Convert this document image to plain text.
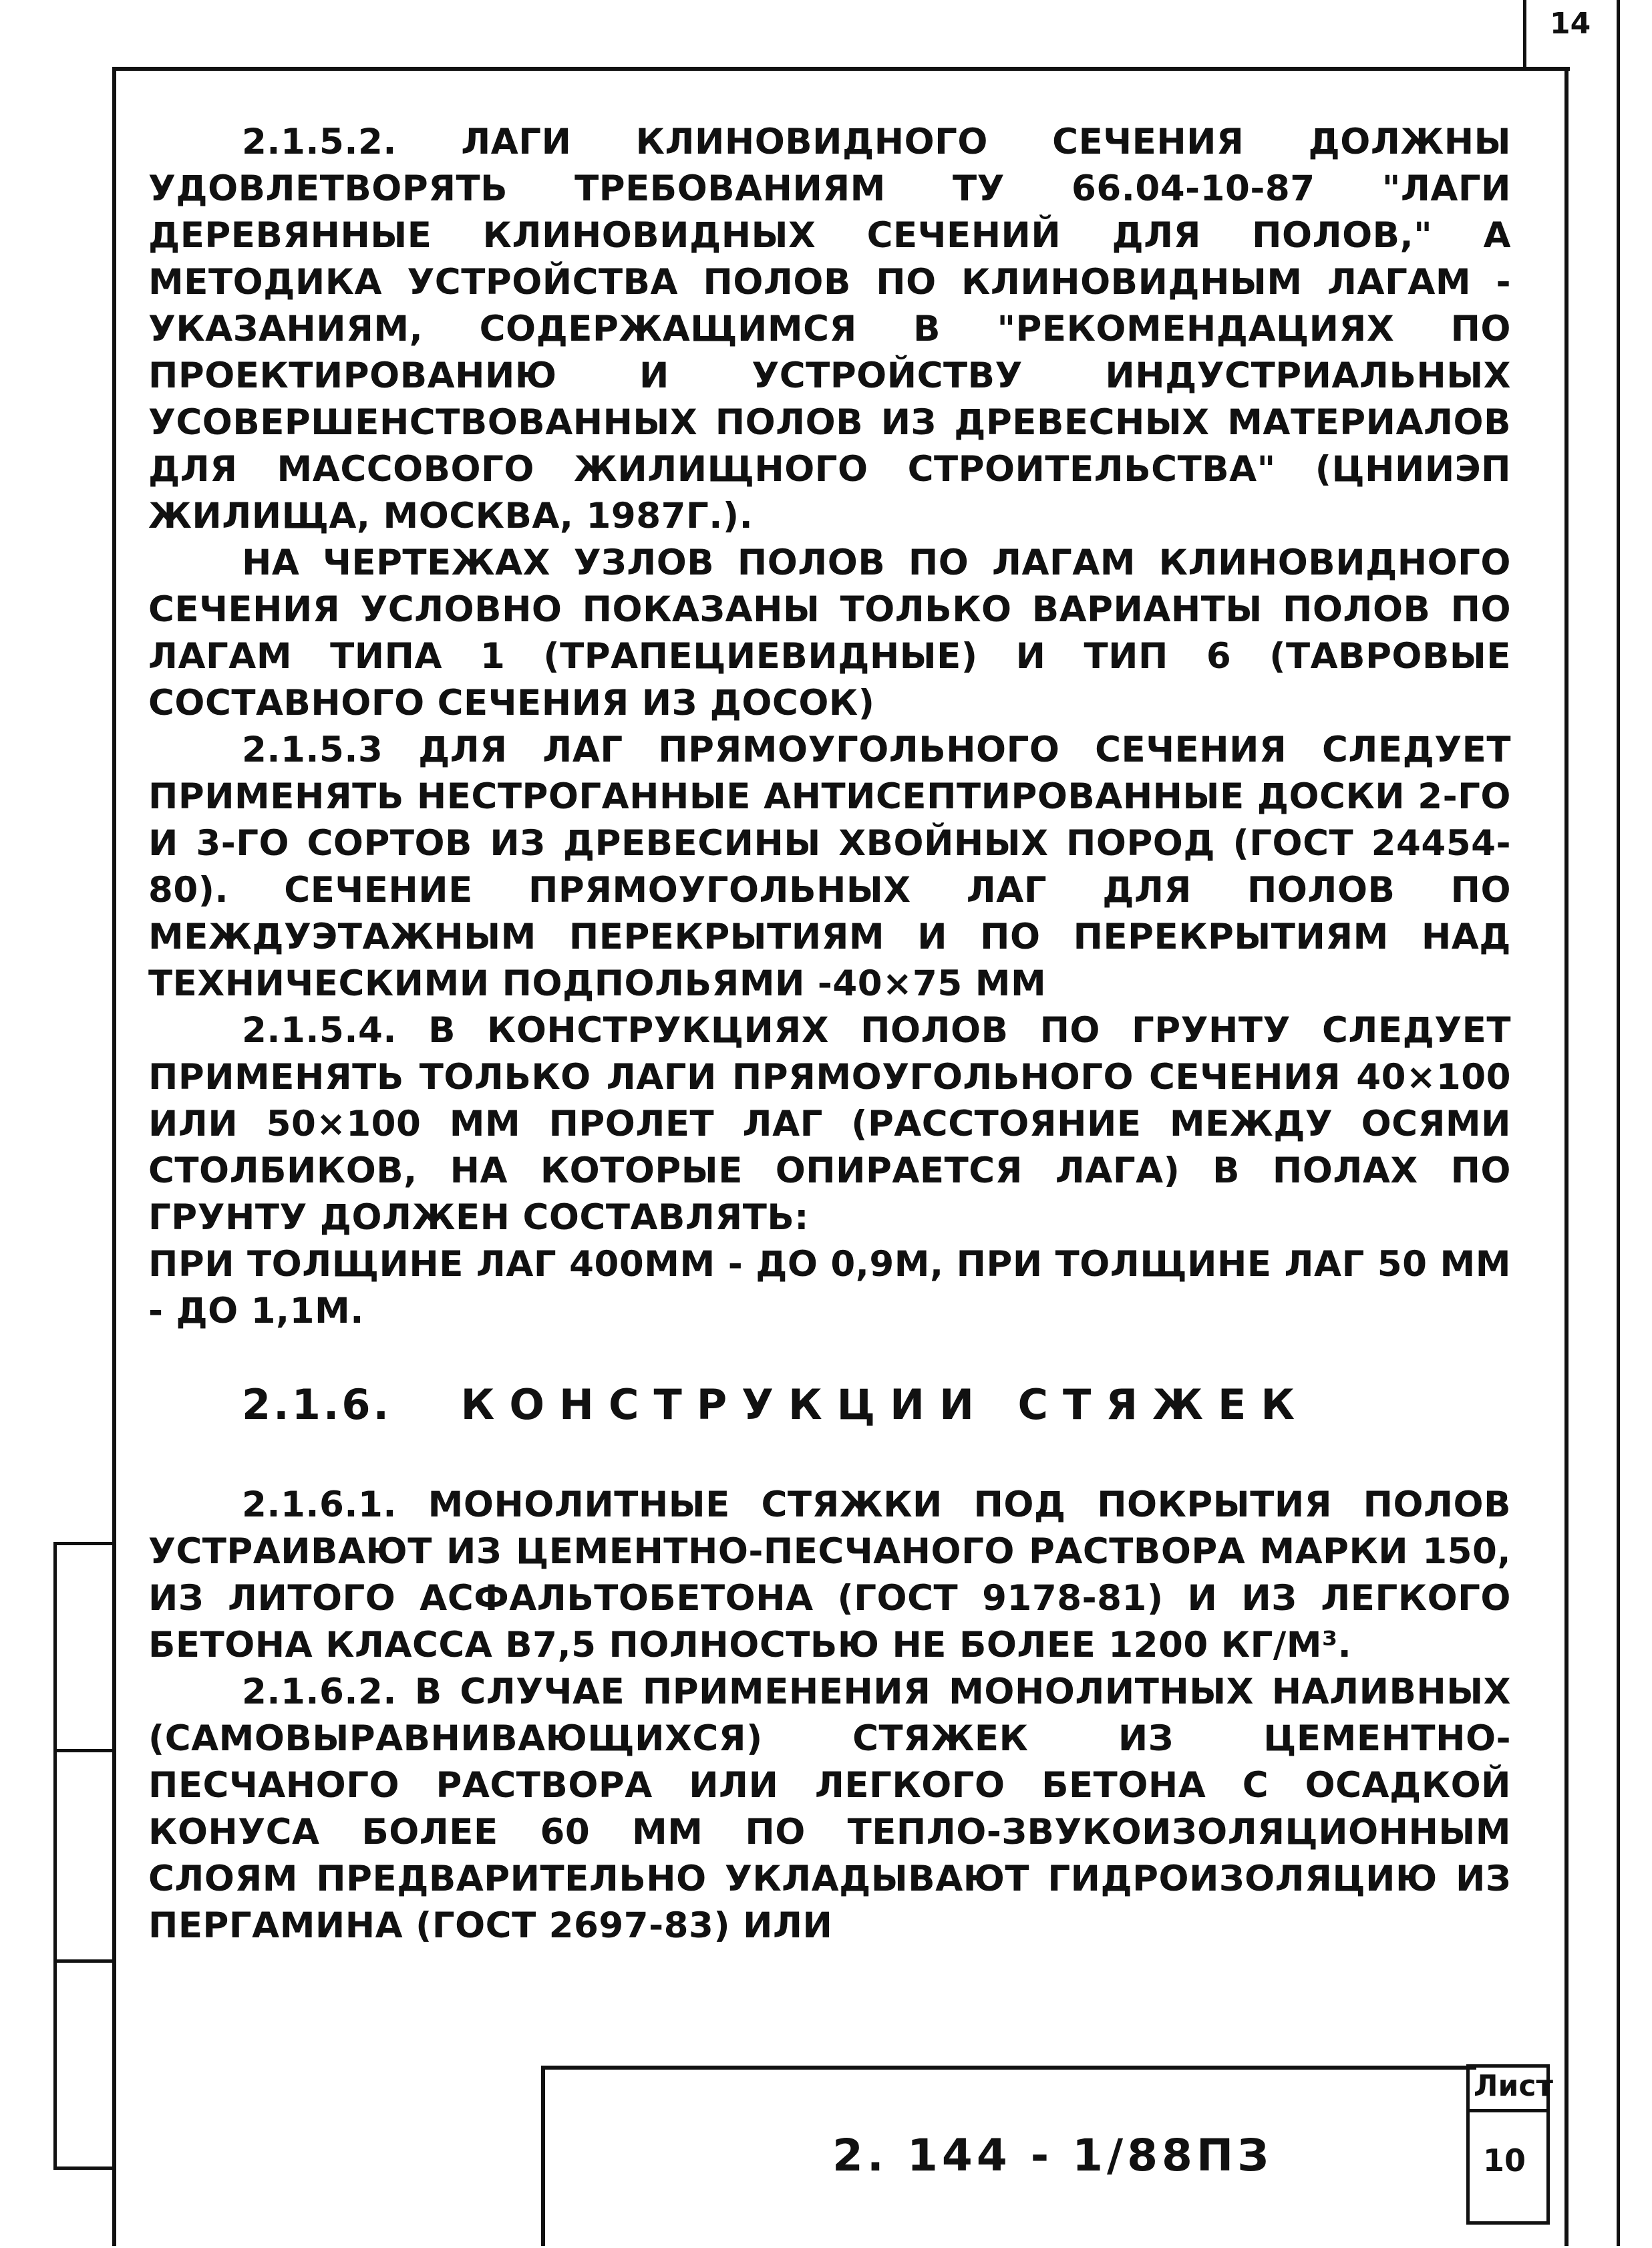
14

2.1.5.2. ЛАГИ КЛИНОВИДНОГО СЕЧЕНИЯ ДОЛЖНЫ УДОВЛЕТВОРЯТЬ ТРЕБОВАНИЯМ ТУ 66.04-10-87 "ЛАГИ ДЕРЕВЯННЫЕ КЛИНОВИДНЫХ СЕЧЕНИЙ ДЛЯ ПОЛОВ," А МЕТОДИКА УСТРОЙСТВА ПОЛОВ ПО КЛИНОВИДНЫМ ЛАГАМ - УКАЗАНИЯМ, СОДЕРЖАЩИМСЯ В "РЕКОМЕНДАЦИЯХ ПО ПРОЕКТИРОВАНИЮ И УСТРОЙСТВУ ИНДУСТРИАЛЬНЫХ УСОВЕРШЕНСТВОВАННЫХ ПОЛОВ ИЗ ДРЕВЕСНЫХ МАТЕРИАЛОВ ДЛЯ МАССОВОГО ЖИЛИЩНОГО СТРОИТЕЛЬСТВА" (ЦНИИЭП ЖИЛИЩА, МОСКВА, 1987Г.).

НА ЧЕРТЕЖАХ УЗЛОВ ПОЛОВ ПО ЛАГАМ КЛИНОВИДНОГО СЕЧЕНИЯ УСЛОВНО ПОКАЗАНЫ ТОЛЬКО ВАРИАНТЫ ПОЛОВ ПО ЛАГАМ ТИПА 1 (ТРАПЕЦИЕВИДНЫЕ) И ТИП 6 (ТАВРОВЫЕ СОСТАВНОГО СЕЧЕНИЯ ИЗ ДОСОК)

2.1.5.3 ДЛЯ ЛАГ ПРЯМОУГОЛЬНОГО СЕЧЕНИЯ СЛЕДУЕТ ПРИМЕНЯТЬ НЕСТРОГАННЫЕ АНТИСЕПТИРОВАННЫЕ ДОСКИ 2-ГО И 3-ГО СОРТОВ ИЗ ДРЕВЕСИНЫ ХВОЙНЫХ ПОРОД (ГОСТ 24454-80). СЕЧЕНИЕ ПРЯМОУГОЛЬНЫХ ЛАГ ДЛЯ ПОЛОВ ПО МЕЖДУЭТАЖНЫМ ПЕРЕКРЫТИЯМ И ПО ПЕРЕКРЫТИЯМ НАД ТЕХНИЧЕСКИМИ ПОДПОЛЬЯМИ -40×75 ММ

2.1.5.4. В КОНСТРУКЦИЯХ ПОЛОВ ПО ГРУНТУ СЛЕДУЕТ ПРИМЕНЯТЬ ТОЛЬКО ЛАГИ ПРЯМОУГОЛЬНОГО СЕЧЕНИЯ 40×100 ИЛИ 50×100 ММ ПРОЛЕТ ЛАГ (РАССТОЯНИЕ МЕЖДУ ОСЯМИ СТОЛБИКОВ, НА КОТОРЫЕ ОПИРАЕТСЯ ЛАГА) В ПОЛАХ ПО ГРУНТУ ДОЛЖЕН СОСТАВЛЯТЬ:

ПРИ ТОЛЩИНЕ ЛАГ 400ММ - ДО 0,9М, ПРИ ТОЛЩИНЕ ЛАГ 50 ММ - ДО 1,1М.

2.1.6. КОНСТРУКЦИИ СТЯЖЕК

2.1.6.1. МОНОЛИТНЫЕ СТЯЖКИ ПОД ПОКРЫТИЯ ПОЛОВ УСТРАИВАЮТ ИЗ ЦЕМЕНТНО-ПЕСЧАНОГО РАСТВОРА МАРКИ 150, ИЗ ЛИТОГО АСФАЛЬТОБЕТОНА (ГОСТ 9178-81) И ИЗ ЛЕГКОГО БЕТОНА КЛАССА В7,5 ПОЛНОСТЬЮ НЕ БОЛЕЕ 1200 КГ/М³.

2.1.6.2. В СЛУЧАЕ ПРИМЕНЕНИЯ МОНОЛИТНЫХ НАЛИВНЫХ (САМОВЫРАВНИВАЮЩИХСЯ) СТЯЖЕК ИЗ ЦЕМЕНТНО-ПЕСЧАНОГО РАСТВОРА ИЛИ ЛЕГКОГО БЕТОНА С ОСАДКОЙ КОНУСА БОЛЕЕ 60 ММ ПО ТЕПЛО-ЗВУКОИЗОЛЯЦИОННЫМ СЛОЯМ ПРЕДВАРИТЕЛЬНО УКЛАДЫВАЮТ ГИДРОИЗОЛЯЦИЮ ИЗ ПЕРГАМИНА (ГОСТ 2697-83) ИЛИ

2. 144 - 1/88ПЗ
Лист
10
